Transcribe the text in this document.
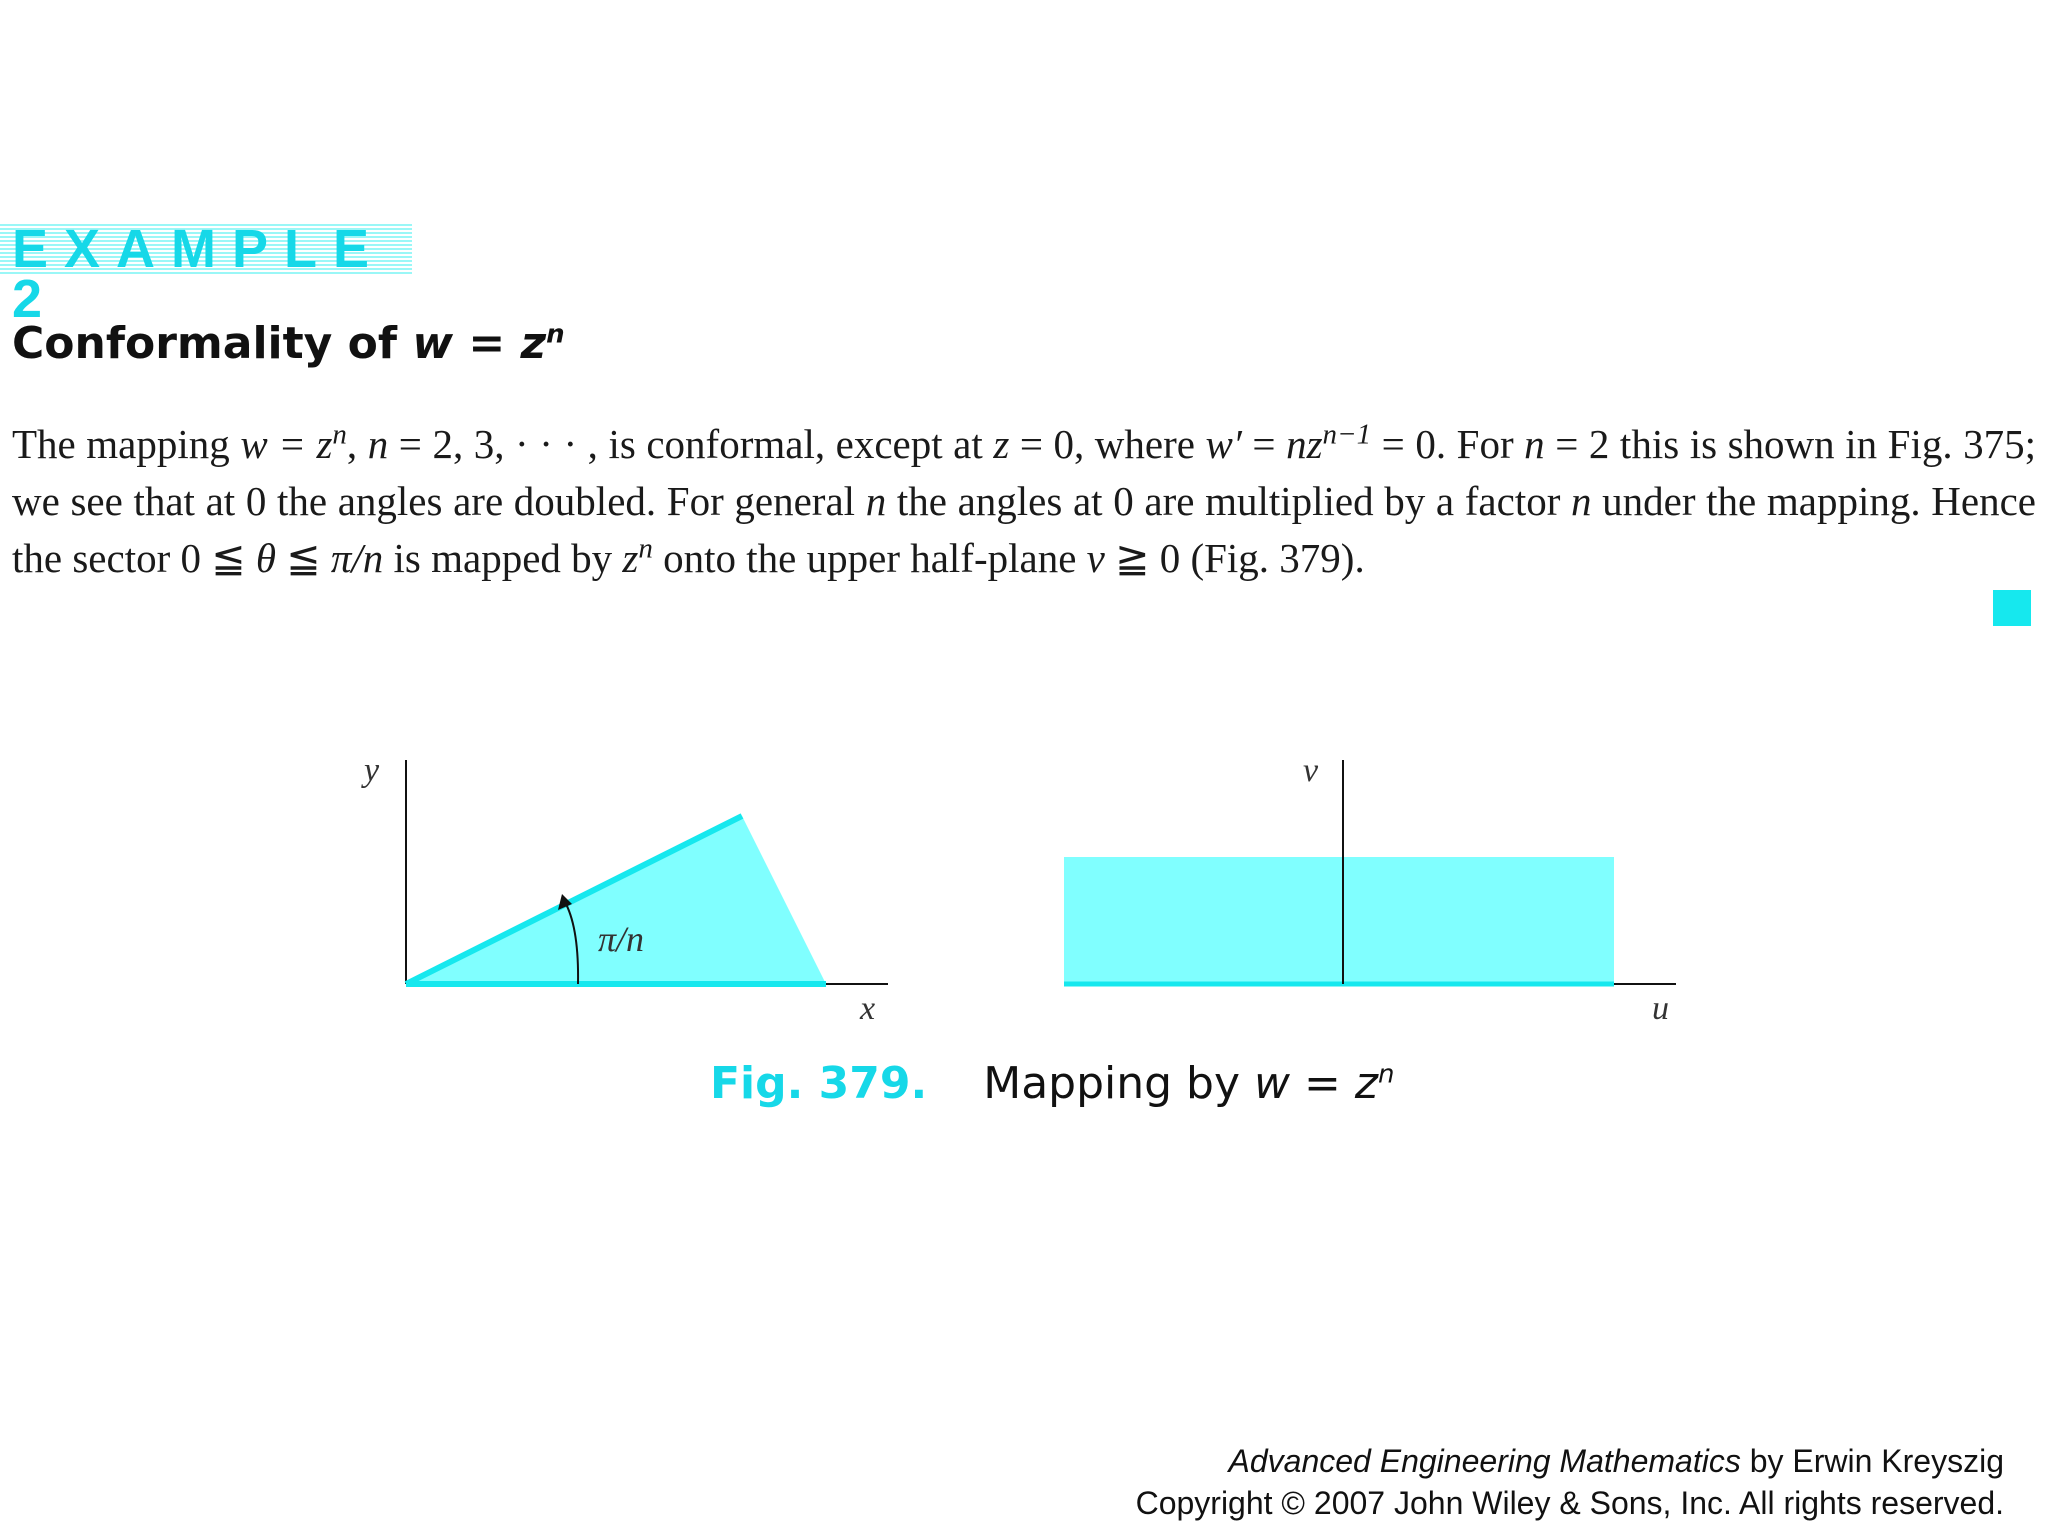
EXAMPLE 2
Conformality of $w = z^n$
The mapping $w = z^n$, n = 2, 3, · · · , is conformal, except at z = 0, where $w' = nz^{n-1} = 0$. For n = 2 this is shown in Fig. 375; we see that at 0 the angles are doubled. For general n the angles at 0 are multiplied by a factor n under the mapping. Hence the sector 0 ≦ θ ≦ π/n is mapped by $z^n$ onto the upper half-plane v ≧ 0 (Fig. 379).
y
x
π/n
v
u
Fig. 379. Mapping by $w = z^n$
Advanced Engineering Mathematics by Erwin Kreyszig
Copyright © 2007 John Wiley & Sons, Inc. All rights reserved.
